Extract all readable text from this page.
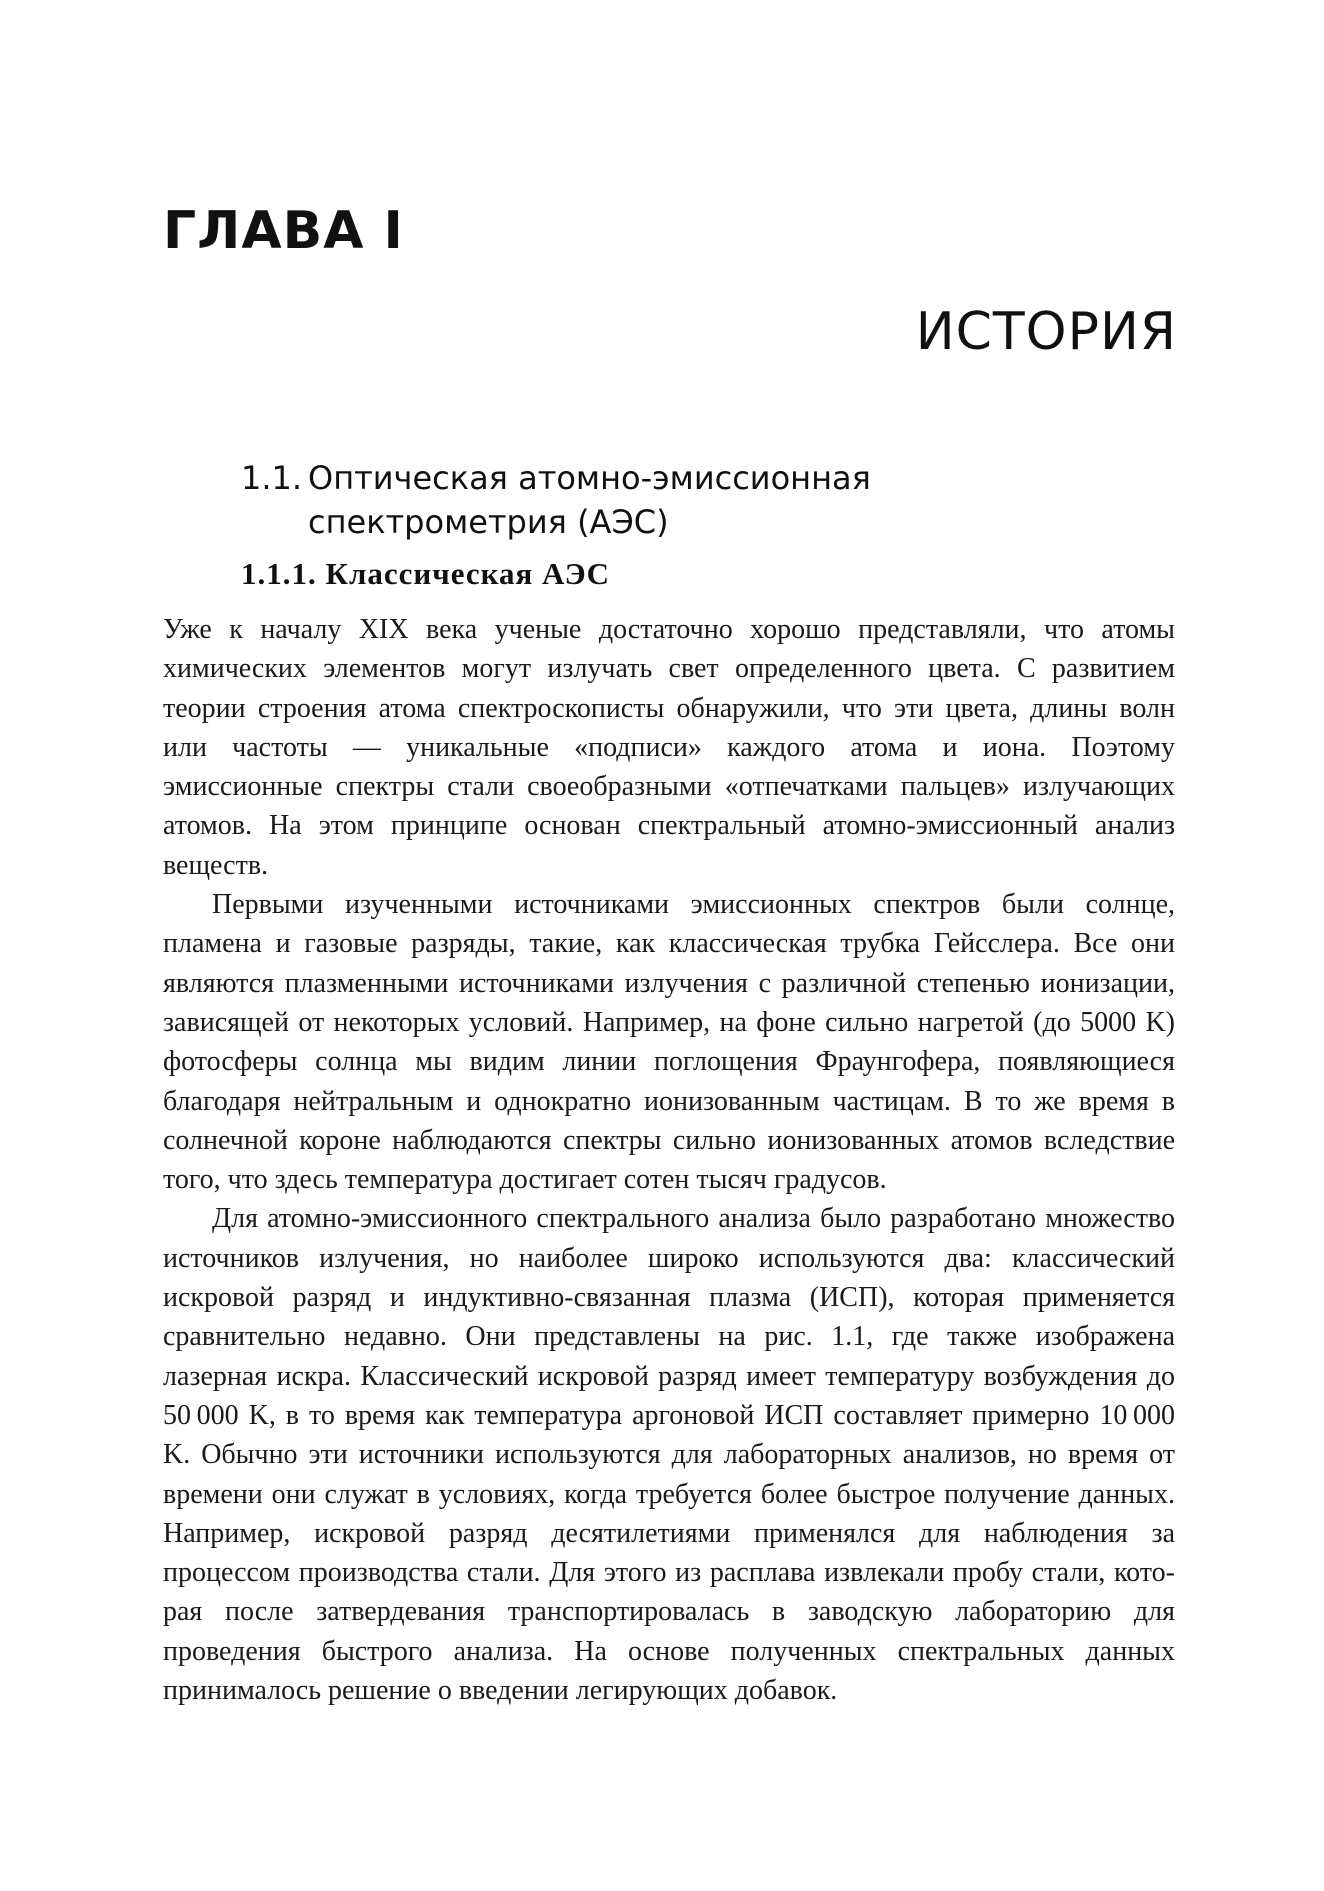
ГЛАВА I
ИСТОРИЯ
1.1. Оптическая атомно-эмиссионная
спектрометрия (АЭС)
1.1.1. Классическая АЭС

Уже к началу XIX века ученые достаточно хорошо представляли, что атомы химических элементов могут излучать свет определенного цвета. С развитием теории строения атома спектроскописты обнаружили, что эти цвета, длины волн или частоты — уникальные «подписи» каждого атома и иона. Поэтому эмиссионные спектры стали своеобразными «отпечатками пальцев» излучающих атомов. На этом принципе основан спектральный атомно-эмиссионный анализ веществ.

Первыми изученными источниками эмиссионных спектров были солнце, пламена и газовые разряды, такие, как классическая трубка Гейсслера. Все они являются плазменными источниками излучения с различной степенью ионизации, зависящей от некоторых условий. Например, на фоне сильно нагретой (до 5000 K) фотосферы солнца мы видим линии поглощения Фраунгофера, появляющиеся благодаря нейтральным и однократно ионизованным частицам. В то же время в солнечной короне наблюдаются спектры сильно ионизованных атомов вследствие того, что здесь температура достигает сотен тысяч градусов.

Для атомно-эмиссионного спектрального анализа было разработано множество источников излучения, но наиболее широко используются два: классический искровой разряд и индуктивно-связанная плазма (ИСП), которая применяется сравнительно недавно. Они представлены на рис. 1.1, где также изображена лазерная искра. Классический искровой разряд имеет температуру возбуждения до 50 000 K, в то время как температура аргоновой ИСП составляет примерно 10 000 K. Обычно эти источники используются для лабораторных анализов, но время от времени они служат в условиях, когда требуется более быстрое получение данных. Например, искровой разряд десятилетиями применялся для наблюдения за процессом производства стали. Для этого из расплава извлекали пробу стали, которая после затвердевания транспортировалась в заводскую лабораторию для проведения быстрого анализа. На основе полученных спектральных данных принималось решение о введении легирующих добавок.
